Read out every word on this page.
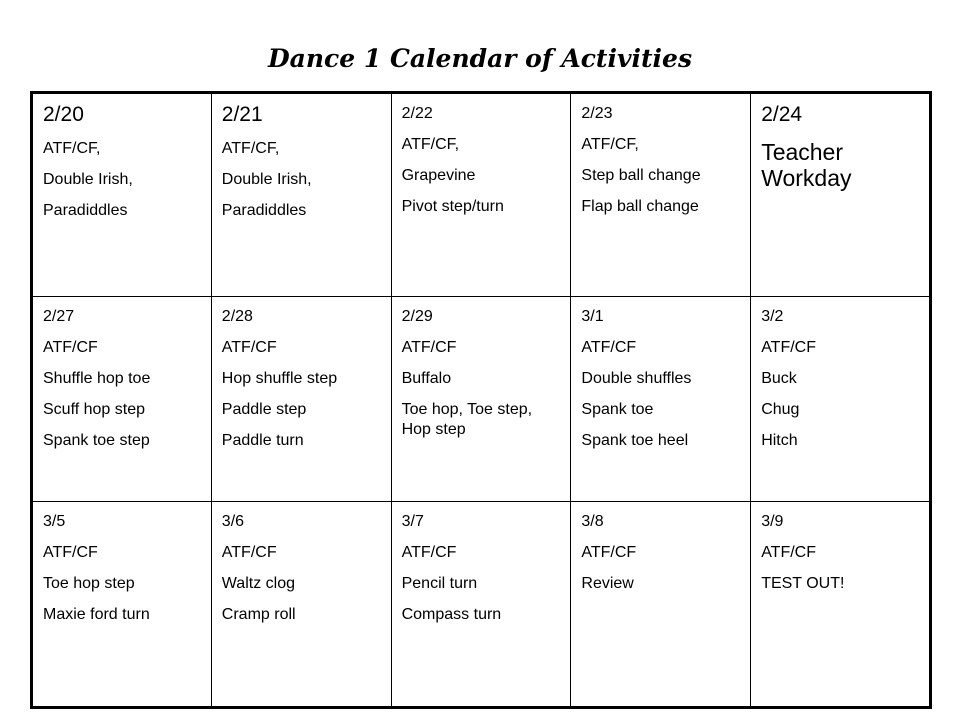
Dance 1 Calendar of Activities
2/20
ATF/CF,
Double Irish,
Paradiddles	2/21
ATF/CF,
Double Irish,
Paradiddles	2/22
ATF/CF,
Grapevine
Pivot step/turn	2/23
ATF/CF,
Step ball change
Flap ball change	2/24
Teacher Workday

2/27
ATF/CF
Shuffle hop toe
Scuff hop step
Spank toe step	2/28
ATF/CF
Hop shuffle step
Paddle step
Paddle turn	2/29
ATF/CF
Buffalo
Toe hop, Toe step, Hop step	3/1
ATF/CF
Double shuffles
Spank toe
Spank toe heel	3/2
ATF/CF
Buck
Chug
Hitch

3/5
ATF/CF
Toe hop step
Maxie ford turn	3/6
ATF/CF
Waltz clog
Cramp roll	3/7
ATF/CF
Pencil turn
Compass turn	3/8
ATF/CF
Review	3/9
ATF/CF
TEST OUT!
